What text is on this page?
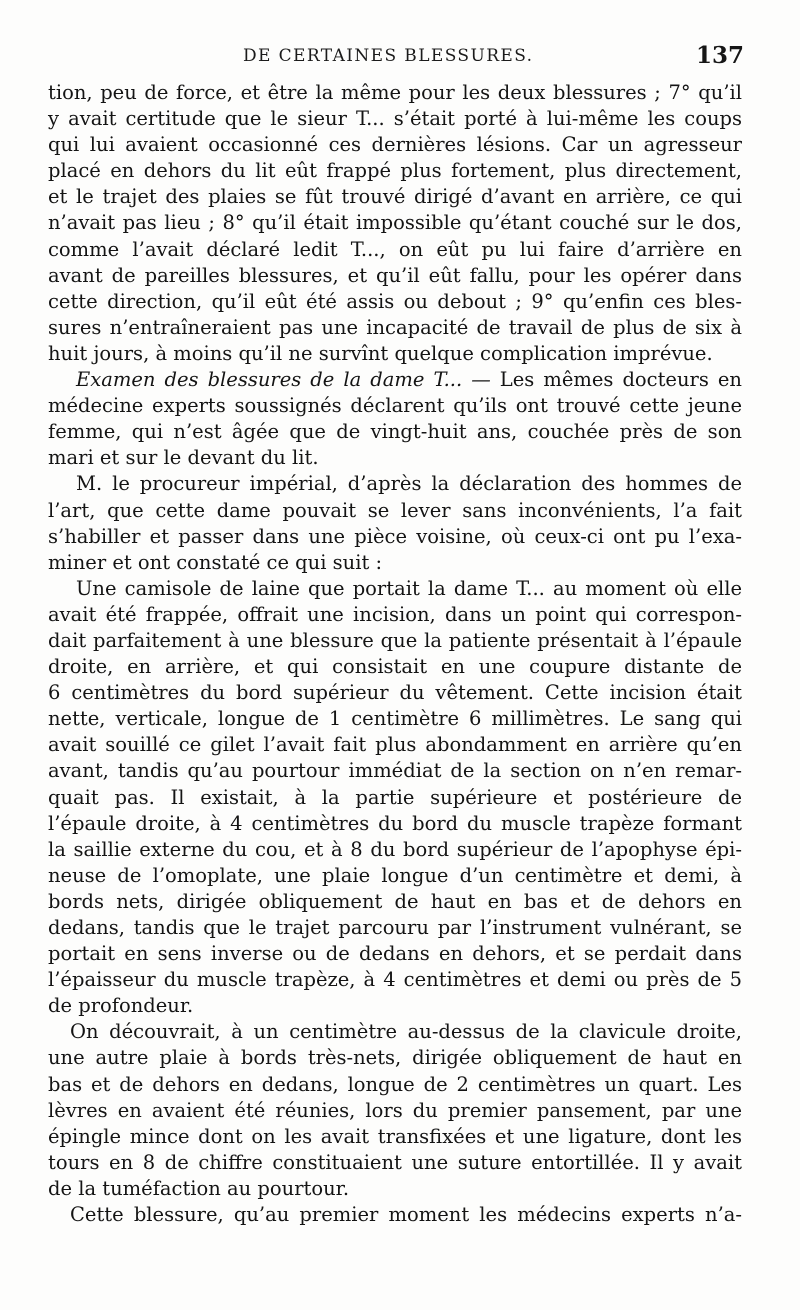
DE CERTAINES BLESSURES.	137
tion, peu de force, et être la même pour les deux blessures ; 7° qu’il
y avait certitude que le sieur T... s’était porté à lui-même les coups
qui lui avaient occasionné ces dernières lésions. Car un agresseur
placé en dehors du lit eût frappé plus fortement, plus directement,
et le trajet des plaies se fût trouvé dirigé d’avant en arrière, ce qui
n’avait pas lieu ; 8° qu’il était impossible qu’étant couché sur le dos,
comme l’avait déclaré ledit T..., on eût pu lui faire d’arrière en
avant de pareilles blessures, et qu’il eût fallu, pour les opérer dans
cette direction, qu’il eût été assis ou debout ; 9° qu’enfin ces bles-
sures n’entraîneraient pas une incapacité de travail de plus de six à
huit jours, à moins qu’il ne survînt quelque complication imprévue.
Examen des blessures de la dame T... — Les mêmes docteurs en
médecine experts soussignés déclarent qu’ils ont trouvé cette jeune
femme, qui n’est âgée que de vingt-huit ans, couchée près de son
mari et sur le devant du lit.
M. le procureur impérial, d’après la déclaration des hommes de
l’art, que cette dame pouvait se lever sans inconvénients, l’a fait
s’habiller et passer dans une pièce voisine, où ceux-ci ont pu l’exa-
miner et ont constaté ce qui suit :
Une camisole de laine que portait la dame T... au moment où elle
avait été frappée, offrait une incision, dans un point qui correspon-
dait parfaitement à une blessure que la patiente présentait à l’épaule
droite, en arrière, et qui consistait en une coupure distante de
6 centimètres du bord supérieur du vêtement. Cette incision était
nette, verticale, longue de 1 centimètre 6 millimètres. Le sang qui
avait souillé ce gilet l’avait fait plus abondamment en arrière qu’en
avant, tandis qu’au pourtour immédiat de la section on n’en remar-
quait pas. Il existait, à la partie supérieure et postérieure de
l’épaule droite, à 4 centimètres du bord du muscle trapèze formant
la saillie externe du cou, et à 8 du bord supérieur de l’apophyse épi-
neuse de l’omoplate, une plaie longue d’un centimètre et demi, à
bords nets, dirigée obliquement de haut en bas et de dehors en
dedans, tandis que le trajet parcouru par l’instrument vulnérant, se
portait en sens inverse ou de dedans en dehors, et se perdait dans
l’épaisseur du muscle trapèze, à 4 centimètres et demi ou près de 5
de profondeur.
On découvrait, à un centimètre au-dessus de la clavicule droite,
une autre plaie à bords très-nets, dirigée obliquement de haut en
bas et de dehors en dedans, longue de 2 centimètres un quart. Les
lèvres en avaient été réunies, lors du premier pansement, par une
épingle mince dont on les avait transfixées et une ligature, dont les
tours en 8 de chiffre constituaient une suture entortillée. Il y avait
de la tuméfaction au pourtour.
Cette blessure, qu’au premier moment les médecins experts n’a-
